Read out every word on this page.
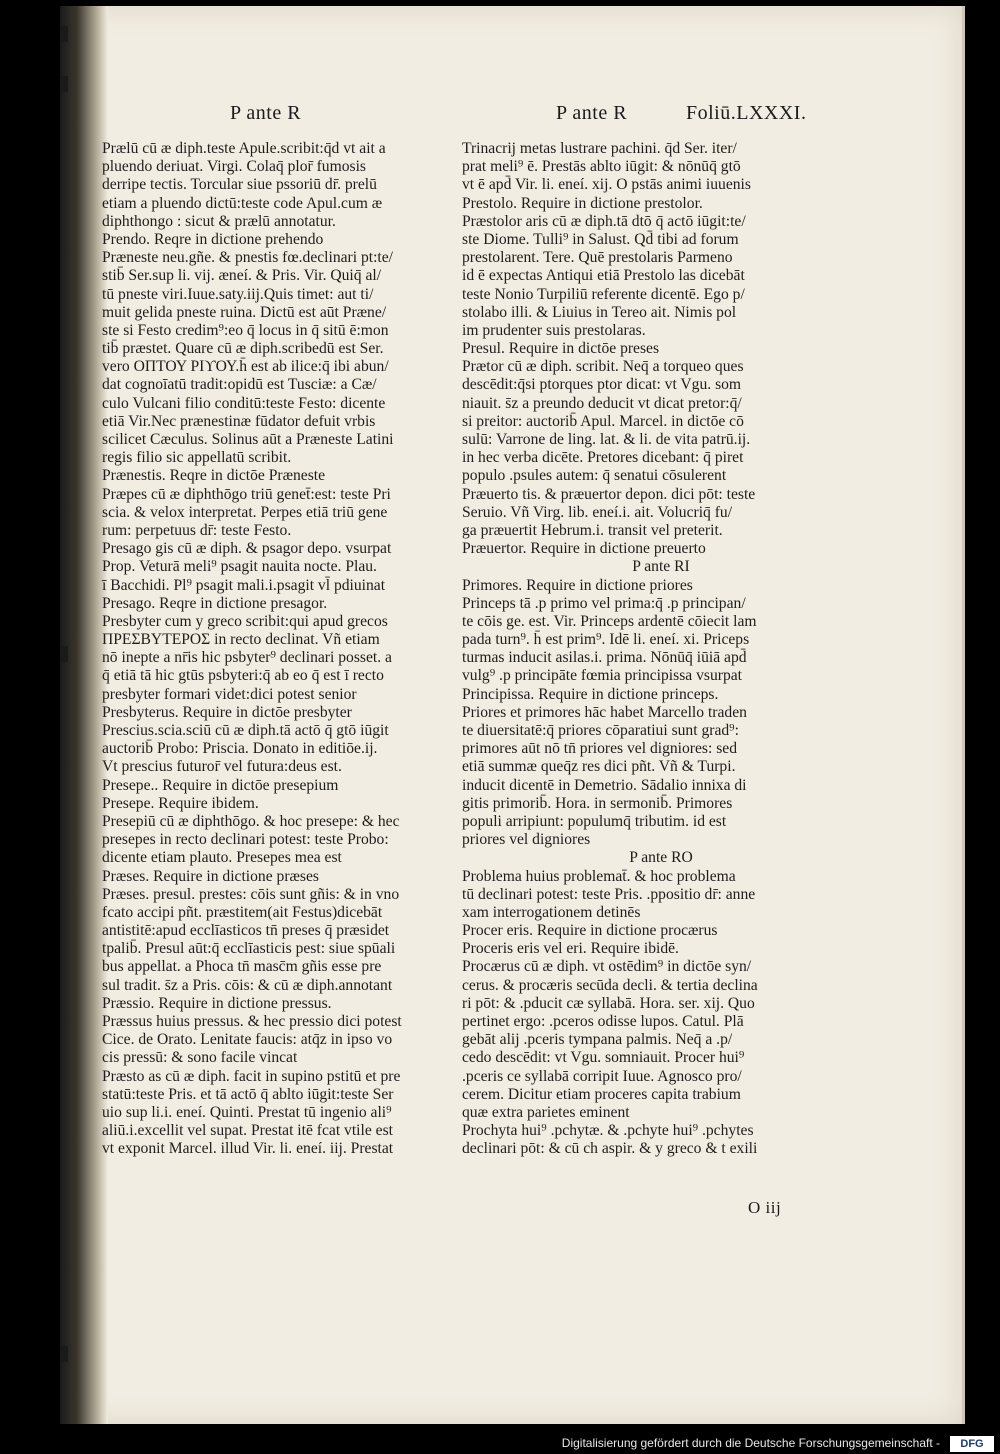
P ante R	P ante R	Foliū.LXXXI.
Prælū cū æ diph.teste Apule.scribit:q̄d vt ait a
pluendo deriuat. Virgi. Colaq̄ plor̄ fumosis
derripe tectis. Torcular siue pssoriū dr̄. prelū
etiam a pluendo dictū:teste code Apul.cum æ
diphthongo : sicut & prælū annotatur.
Prendo. Reqre in dictione prehendo
Præneste neu.gñe. & pnestis fœ.declinari pt:te/
stib̄ Ser.sup li. vij. æneí. & Pris. Vir. Quiq̄ al/
tū pneste viri.Iuue.saty.iij.Quis timet: aut ti/
muit gelida pneste ruina. Dictū est aūt Præne/
ste si Festo credim⁹:eo q̄ locus in q̄ sitū ē:mon
tib̄ præstet. Quare cū æ diph.scribedū est Ser.
vero ΟΠΤΟΥ ΡΙϒΟΥ.h̄ est ab ilice:q̄ ibi abun/
dat cognoīatū tradit:opidū est Tusciæ: a Cæ/
culo Vulcani filio conditū:teste Festo: dicente
etiā Vir.Nec prænestinæ fūdator defuit vrbis
scilicet Cæculus. Solinus aūt a Præneste Latini
regis filio sic appellatū scribit.
Prænestis. Reqre in dictōe Præneste
Præpes cū æ diphthōgo triū genet̄:est: teste Pri
scia. & velox interpretat. Perpes etiā triū gene
rum: perpetuus dr̄: teste Festo.
Presago gis cū æ diph. & psagor depo. vsurpat
Prop. Veturā meli⁹ psagit nauita nocte. Plau.
ī Bacchidi. Pl⁹ psagit mali.i.psagit vl̄ pdiuinat
Presago. Reqre in dictione presagor.
Presbyter cum y greco scribit:qui apud grecos
ΠΡΕΣΒΥΤΕΡΟΣ in recto declinat. Vñ etiam
nō inepte a nr̄is hic psbyter⁹ declinari posset. a
q̄ etiā tā hic gtūs psbyteri:q̄ ab eo q̄ est ī recto
presbyter formari videt:dici potest senior
Presbyterus. Require in dictōe presbyter
Prescius.scia.sciū cū æ diph.tā actō q̄ gtō iūgit
auctorib̄ Probo: Priscia. Donato in editiōe.ij.
Vt prescius futuror̄ vel futura:deus est.
Presepe.. Require in dictōe presepium
Presepe. Require ibidem.
Presepiū cū æ diphthōgo. & hoc presepe: & hec
presepes in recto declinari potest: teste Probo:
dicente etiam plauto. Presepes mea est
Præses. Require in dictione præses
Præses. presul. prestes: cōis sunt gñis: & in vno
fcato accipi pñt. præstitem(ait Festus)dicebāt
antistitē:apud ecclīasticos tn̄ preses q̄ præsidet
tpalib̄. Presul aūt:q̄ ecclīasticis pest: siue spūali
bus appellat. a Phoca tn̄ masc̄m gñis esse pre
sul tradit. s̄z a Pris. cōis: & cū æ diph.annotant
Præssio. Require in dictione pressus.
Præssus huius pressus. & hec pressio dici potest
Cice. de Orato. Lenitate faucis: atq̄z in ipso vo
cis pressū: & sono facile vincat
Præsto as cū æ diph. facit in supino pstitū et pre
statū:teste Pris. et tā actō q̄ ablto iūgit:teste Ser
uio sup li.i. eneí. Quinti. Prestat tū ingenio ali⁹
aliū.i.excellit vel supat. Prestat itē fcat vtile est
vt exponit Marcel. illud Vir. li. eneí. iij. Prestat
Trinacrij metas lustrare pachini. q̄d Ser. iter/
prat meli⁹ ē. Prestās ablto iūgit: & nōnūq̄ gtō
vt ē apd̄ Vir. li. eneí. xij. O pstās animi iuuenis
Prestolo. Require in dictione prestolor.
Præstolor aris cū æ diph.tā dtō q̄ actō iūgit:te/
ste Diome. Tulli⁹ in Salust. Qd̄ tibi ad forum
prestolarent. Tere. Quē prestolaris Parmeno
id ē expectas Antiqui etiā Prestolo las dicebāt
teste Nonio Turpiliū referente dicentē. Ego p/
stolabo illi. & Liuius in Tereo ait. Nimis pol
im prudenter suis prestolaras.
Presul. Require in dictōe preses
Prætor cū æ diph. scribit. Neq̄ a torqueo ques
descēdit:q̄si ptorques ptor dicat: vt Vgu. som
niauit. s̄z a preundo deducit vt dicat pretor:q̄/
si preitor: auctorib̄ Apul. Marcel. in dictōe cō
sulū: Varrone de ling. lat. & li. de vita patrū.ij.
in hec verba dicēte. Pretores dicebant: q̄ piret
populo .psules autem: q̄ senatui cōsulerent
Præuerto tis. & præuertor depon. dici pōt: teste
Seruio. Vñ Virg. lib. eneí.i. ait. Volucriq̄ fu/
ga præuertit Hebrum.i. transit vel preterit.
Præuertor. Require in dictione preuerto
P ante RI
Primores. Require in dictione priores
Princeps tā .p primo vel prima:q̄ .p principan/
te cōis ge. est. Vir. Princeps ardentē cōiecit lam
pada turn⁹. h̄ est prim⁹. Idē li. eneí. xi. Priceps
turmas inducit asilas.i. prima. Nōnūq̄ iūiā apd̄
vulg⁹ .p principāte fœmia principissa vsurpat
Principissa. Require in dictione princeps.
Priores et primores hāc habet Marcello traden
te diuersitatē:q̄ priores cōparatiui sunt grad⁹:
primores aūt nō tn̄ priores vel digniores: sed
etiā summæ queq̄z res dici pñt. Vñ & Turpi.
inducit dicentē in Demetrio. Sādalio innixa di
gitis primorib̄. Hora. in sermonib̄. Primores
populi arripiunt: populumq̄ tributim. id est
priores vel digniores
P ante RO
Problema huius problemat̄. & hoc problema
tū declinari potest: teste Pris. .ppositio dr̄: anne
xam interrogationem detinēs
Procer eris. Require in dictione procærus
Proceris eris vel eri. Require ibidē.
Procærus cū æ diph. vt ostēdim⁹ in dictōe syn/
cerus. & procæris secūda decli. & tertia declina
ri pōt: & .pducit cæ syllabā. Hora. ser. xij. Quo
pertinet ergo: .pceros odisse lupos. Catul. Plā
gebāt alij .pceris tympana palmis. Neq̄ a .p/
cedo descēdit: vt Vgu. somniauit. Procer hui⁹
.pceris ce syllabā corripit Iuue. Agnosco pro/
cerem. Dicitur etiam proceres capita trabium
quæ extra parietes eminent
Prochyta hui⁹ .pchytæ. & .pchyte hui⁹ .pchytes
declinari pōt: & cū ch aspir. & y greco & t exili
O iij
Digitalisierung gefördert durch die Deutsche Forschungsgemeinschaft -	DFG
